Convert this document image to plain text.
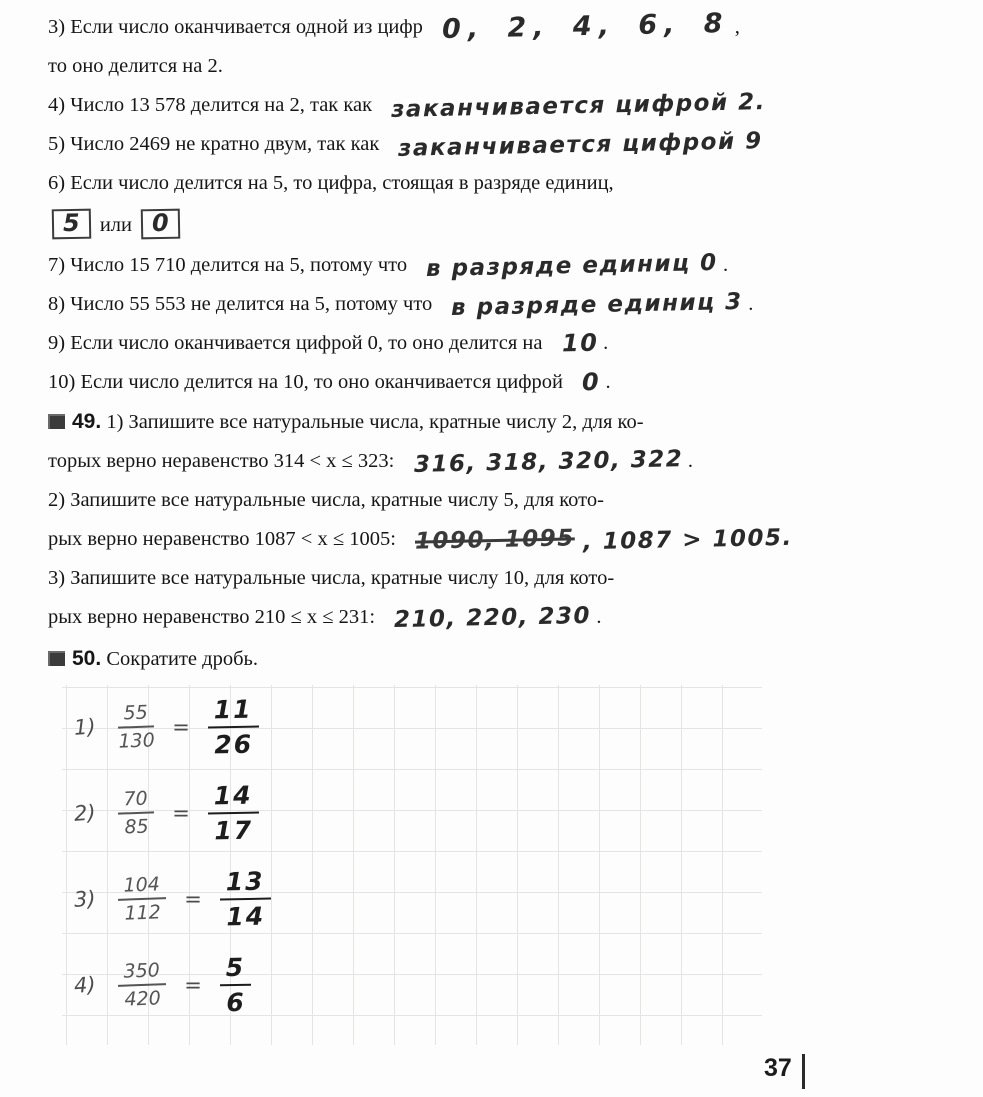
3) Если число оканчивается одной из цифр 0, 2, 4, 6, 8 ,

то оно делится на 2.

4) Число 13 578 делится на 2, так как заканчивается цифрой 2.

5) Число 2469 не кратно двум, так как заканчивается цифрой 9

6) Если число делится на 5, то цифра, стоящая в разряде единиц,

5 или 0

7) Число 15 710 делится на 5, потому что в разряде единиц 0 .

8) Число 55 553 не делится на 5, потому что в разряде единиц 3 .

9) Если число оканчивается цифрой 0, то оно делится на 10 .

10) Если число делится на 10, то оно оканчивается цифрой 0 .

49. 1) Запишите все натуральные числа, кратные числу 2, для ко-

торых верно неравенство 314 < x ≤ 323: 316, 318, 320, 322 .

2) Запишите все натуральные числа, кратные числу 5, для кото-

рых верно неравенство 1087 < x ≤ 1005: 1090, 1095 , 1087 > 1005.

3) Запишите все натуральные числа, кратные числу 10, для кото-

рых верно неравенство 210 ≤ x ≤ 231: 210, 220, 230 .

50. Сократите дробь.

$1) \frac{55}{130} = \frac{11}{26}$
$2) \frac{70}{85} = \frac{14}{17}$
$3) \frac{104}{112} = \frac{13}{14}$
$4) \frac{350}{420} = \frac{5}{6}$
37
